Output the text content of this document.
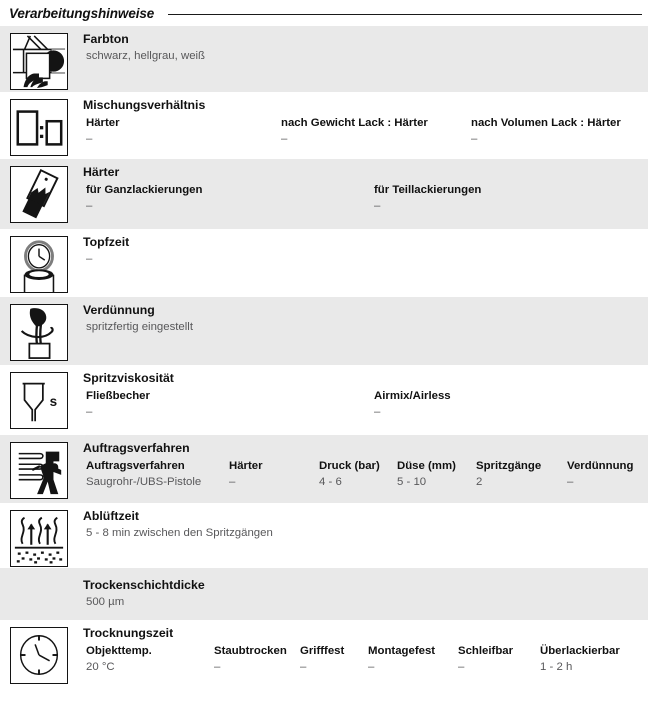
Verarbeitungshinweise
Farbton
schwarz, hellgrau, weiß
Mischungsverhältnis
Härter	nach Gewicht Lack : Härter	nach Volumen Lack : Härter
–	–	–
Härter
für Ganzlackierungen	für Teillackierungen
–	–
Topfzeit
–
Verdünnung
spritzfertig eingestellt
s
Spritzviskosität
Fließbecher	Airmix/Airless
–	–
Auftragsverfahren
Auftragsverfahren	Härter	Druck (bar)	Düse (mm)	Spritzgänge	Verdünnung
Saugrohr-/UBS-Pistole	–	4 - 6	5 - 10	2	–
Ablüftzeit
5 - 8 min zwischen den Spritzgängen
Trockenschichtdicke
500 µm
Trocknungszeit
Objekttemp.	Staubtrocken	Grifffest	Montagefest	Schleifbar	Überlackierbar
20 °C	–	–	–	–	1 - 2 h
